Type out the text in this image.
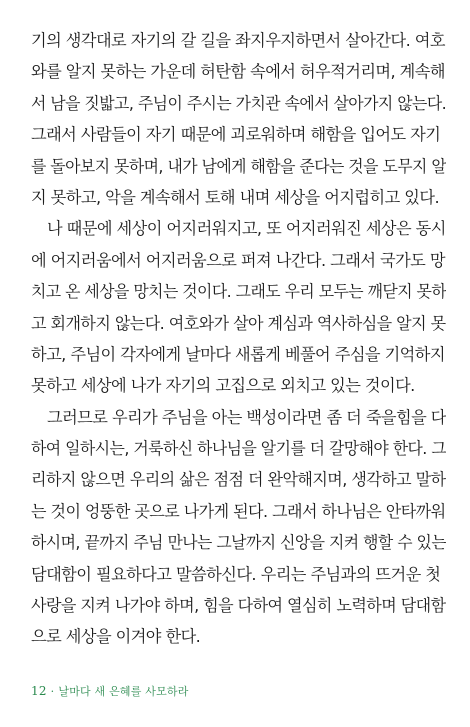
기의 생각대로 자기의 갈 길을 좌지우지하면서 살아간다. 여호
와를 알지 못하는 가운데 허탄함 속에서 허우적거리며, 계속해
서 남을 짓밟고, 주님이 주시는 가치관 속에서 살아가지 않는다.
그래서 사람들이 자기 때문에 괴로워하며 해함을 입어도 자기
를 돌아보지 못하며, 내가 남에게 해함을 준다는 것을 도무지 알
지 못하고, 악을 계속해서 토해 내며 세상을 어지럽히고 있다.
나 때문에 세상이 어지러워지고, 또 어지러워진 세상은 동시
에 어지러움에서 어지러움으로 퍼져 나간다. 그래서 국가도 망
치고 온 세상을 망치는 것이다. 그래도 우리 모두는 깨닫지 못하
고 회개하지 않는다. 여호와가 살아 계심과 역사하심을 알지 못
하고, 주님이 각자에게 날마다 새롭게 베풀어 주심을 기억하지
못하고 세상에 나가 자기의 고집으로 외치고 있는 것이다.
그러므로 우리가 주님을 아는 백성이라면 좀 더 죽을힘을 다
하여 일하시는, 거룩하신 하나님을 알기를 더 갈망해야 한다. 그
리하지 않으면 우리의 삶은 점점 더 완악해지며, 생각하고 말하
는 것이 엉뚱한 곳으로 나가게 된다. 그래서 하나님은 안타까워
하시며, 끝까지 주님 만나는 그날까지 신앙을 지켜 행할 수 있는
담대함이 필요하다고 말씀하신다. 우리는 주님과의 뜨거운 첫
사랑을 지켜 나가야 하며, 힘을 다하여 열심히 노력하며 담대함
으로 세상을 이겨야 한다.
12 · 날마다 새 은혜를 사모하라
